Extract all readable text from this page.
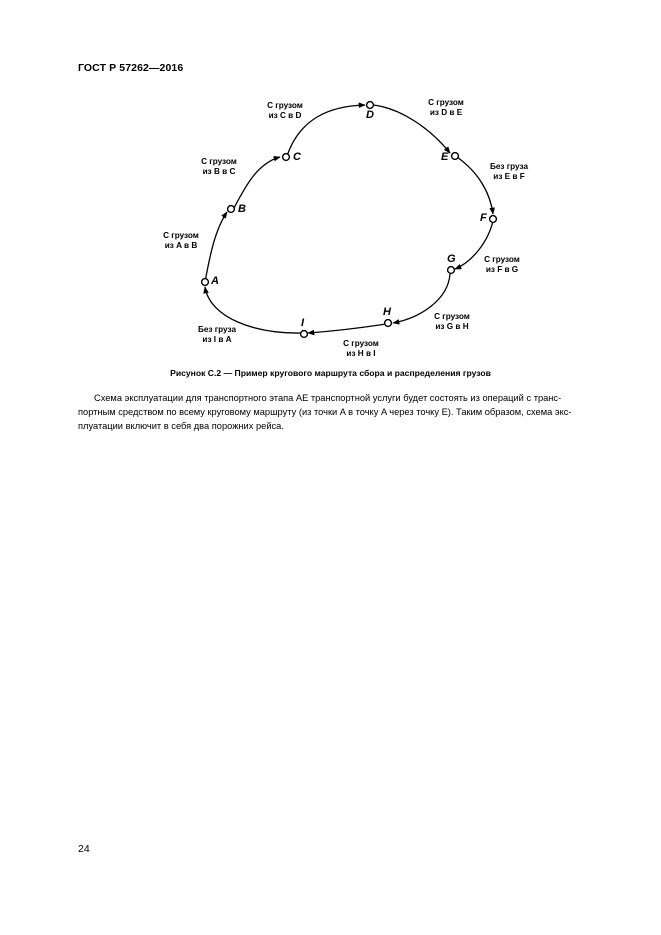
ГОСТ Р 57262—2016
A
B
C
D
E
F
G
H
I
С грузом
из A в B
С грузом
из B в C
С грузом
из C в D
С грузом
из D в E
Без груза
из E в F
С грузом
из F в G
С грузом
из G в H
С грузом
из H в I
Без груза
из I в A
Рисунок С.2 — Пример кругового маршрута сбора и распределения грузов
Схема эксплуатации для транспортного этапа AE транспортной услуги будет состоять из операций с транс-
портным средством по всему круговому маршруту (из точки A в точку A через точку E). Таким образом, схема экс-
плуатации включит в себя два порожних рейса.
24
